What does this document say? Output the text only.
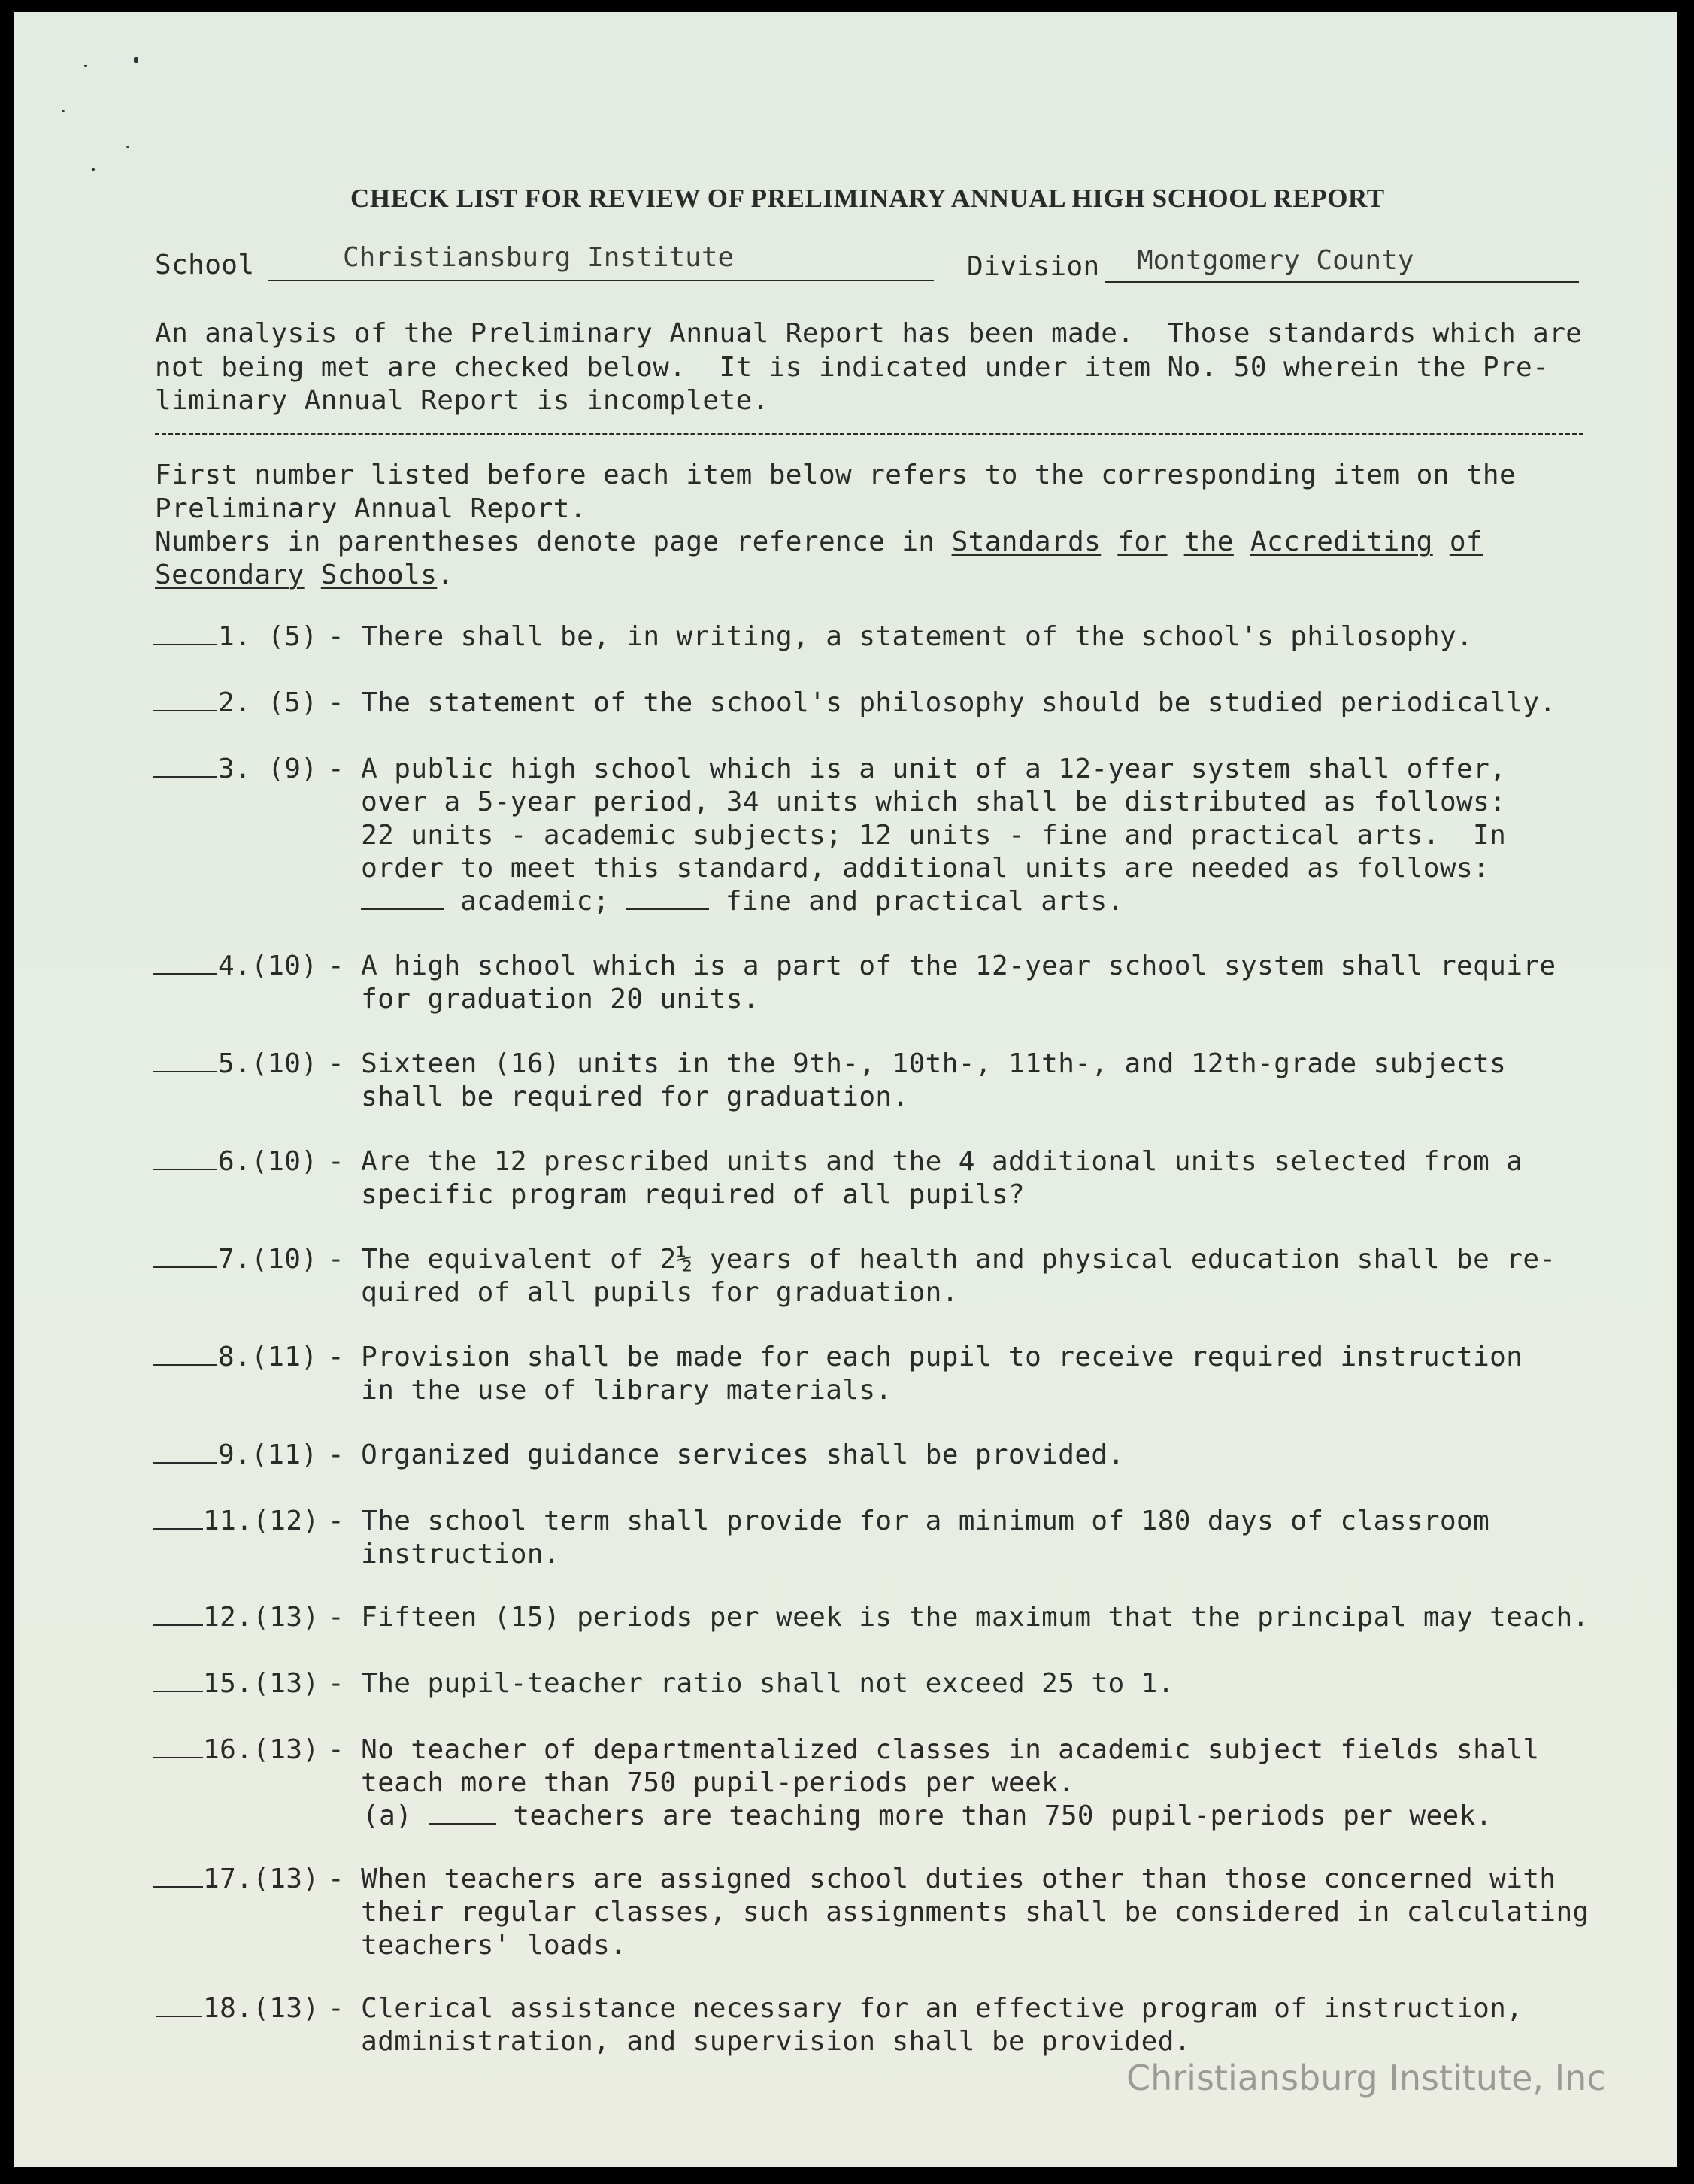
CHECK LIST FOR REVIEW OF PRELIMINARY ANNUAL HIGH SCHOOL REPORT
School	Christiansburg Institute	Division Montgomery County
An analysis of the Preliminary Annual Report has been made.  Those standards which are
not being met are checked below.  It is indicated under item No. 50 wherein the Pre-
liminary Annual Report is incomplete.
First number listed before each item below refers to the corresponding item on the
Preliminary Annual Report.
Numbers in parentheses denote page reference in Standards for the Accrediting of
Secondary Schools.
1. (5) - There shall be, in writing, a statement of the school's philosophy.
2. (5) - The statement of the school's philosophy should be studied periodically.
3. (9) - A public high school which is a unit of a 12-year system shall offer,
over a 5-year period, 34 units which shall be distributed as follows:
22 units - academic subjects; 12 units - fine and practical arts.  In
order to meet this standard, additional units are needed as follows:
academic;	fine and practical arts.
4.(10) - A high school which is a part of the 12-year school system shall require
for graduation 20 units.
5.(10) - Sixteen (16) units in the 9th-, 10th-, 11th-, and 12th-grade subjects
shall be required for graduation.
6.(10) - Are the 12 prescribed units and the 4 additional units selected from a
specific program required of all pupils?
7.(10) - The equivalent of 2½ years of health and physical education shall be re-
quired of all pupils for graduation.
8.(11) - Provision shall be made for each pupil to receive required instruction
in the use of library materials.
9.(11) - Organized guidance services shall be provided.
11.(12) - The school term shall provide for a minimum of 180 days of classroom
instruction.
12.(13) - Fifteen (15) periods per week is the maximum that the principal may teach.
15.(13) - The pupil-teacher ratio shall not exceed 25 to 1.
16.(13) - No teacher of departmentalized classes in academic subject fields shall
teach more than 750 pupil-periods per week.
(a)	teachers are teaching more than 750 pupil-periods per week.
17.(13) - When teachers are assigned school duties other than those concerned with
their regular classes, such assignments shall be considered in calculating
teachers' loads.
18.(13) - Clerical assistance necessary for an effective program of instruction,
administration, and supervision shall be provided.
Christiansburg Institute, Inc
